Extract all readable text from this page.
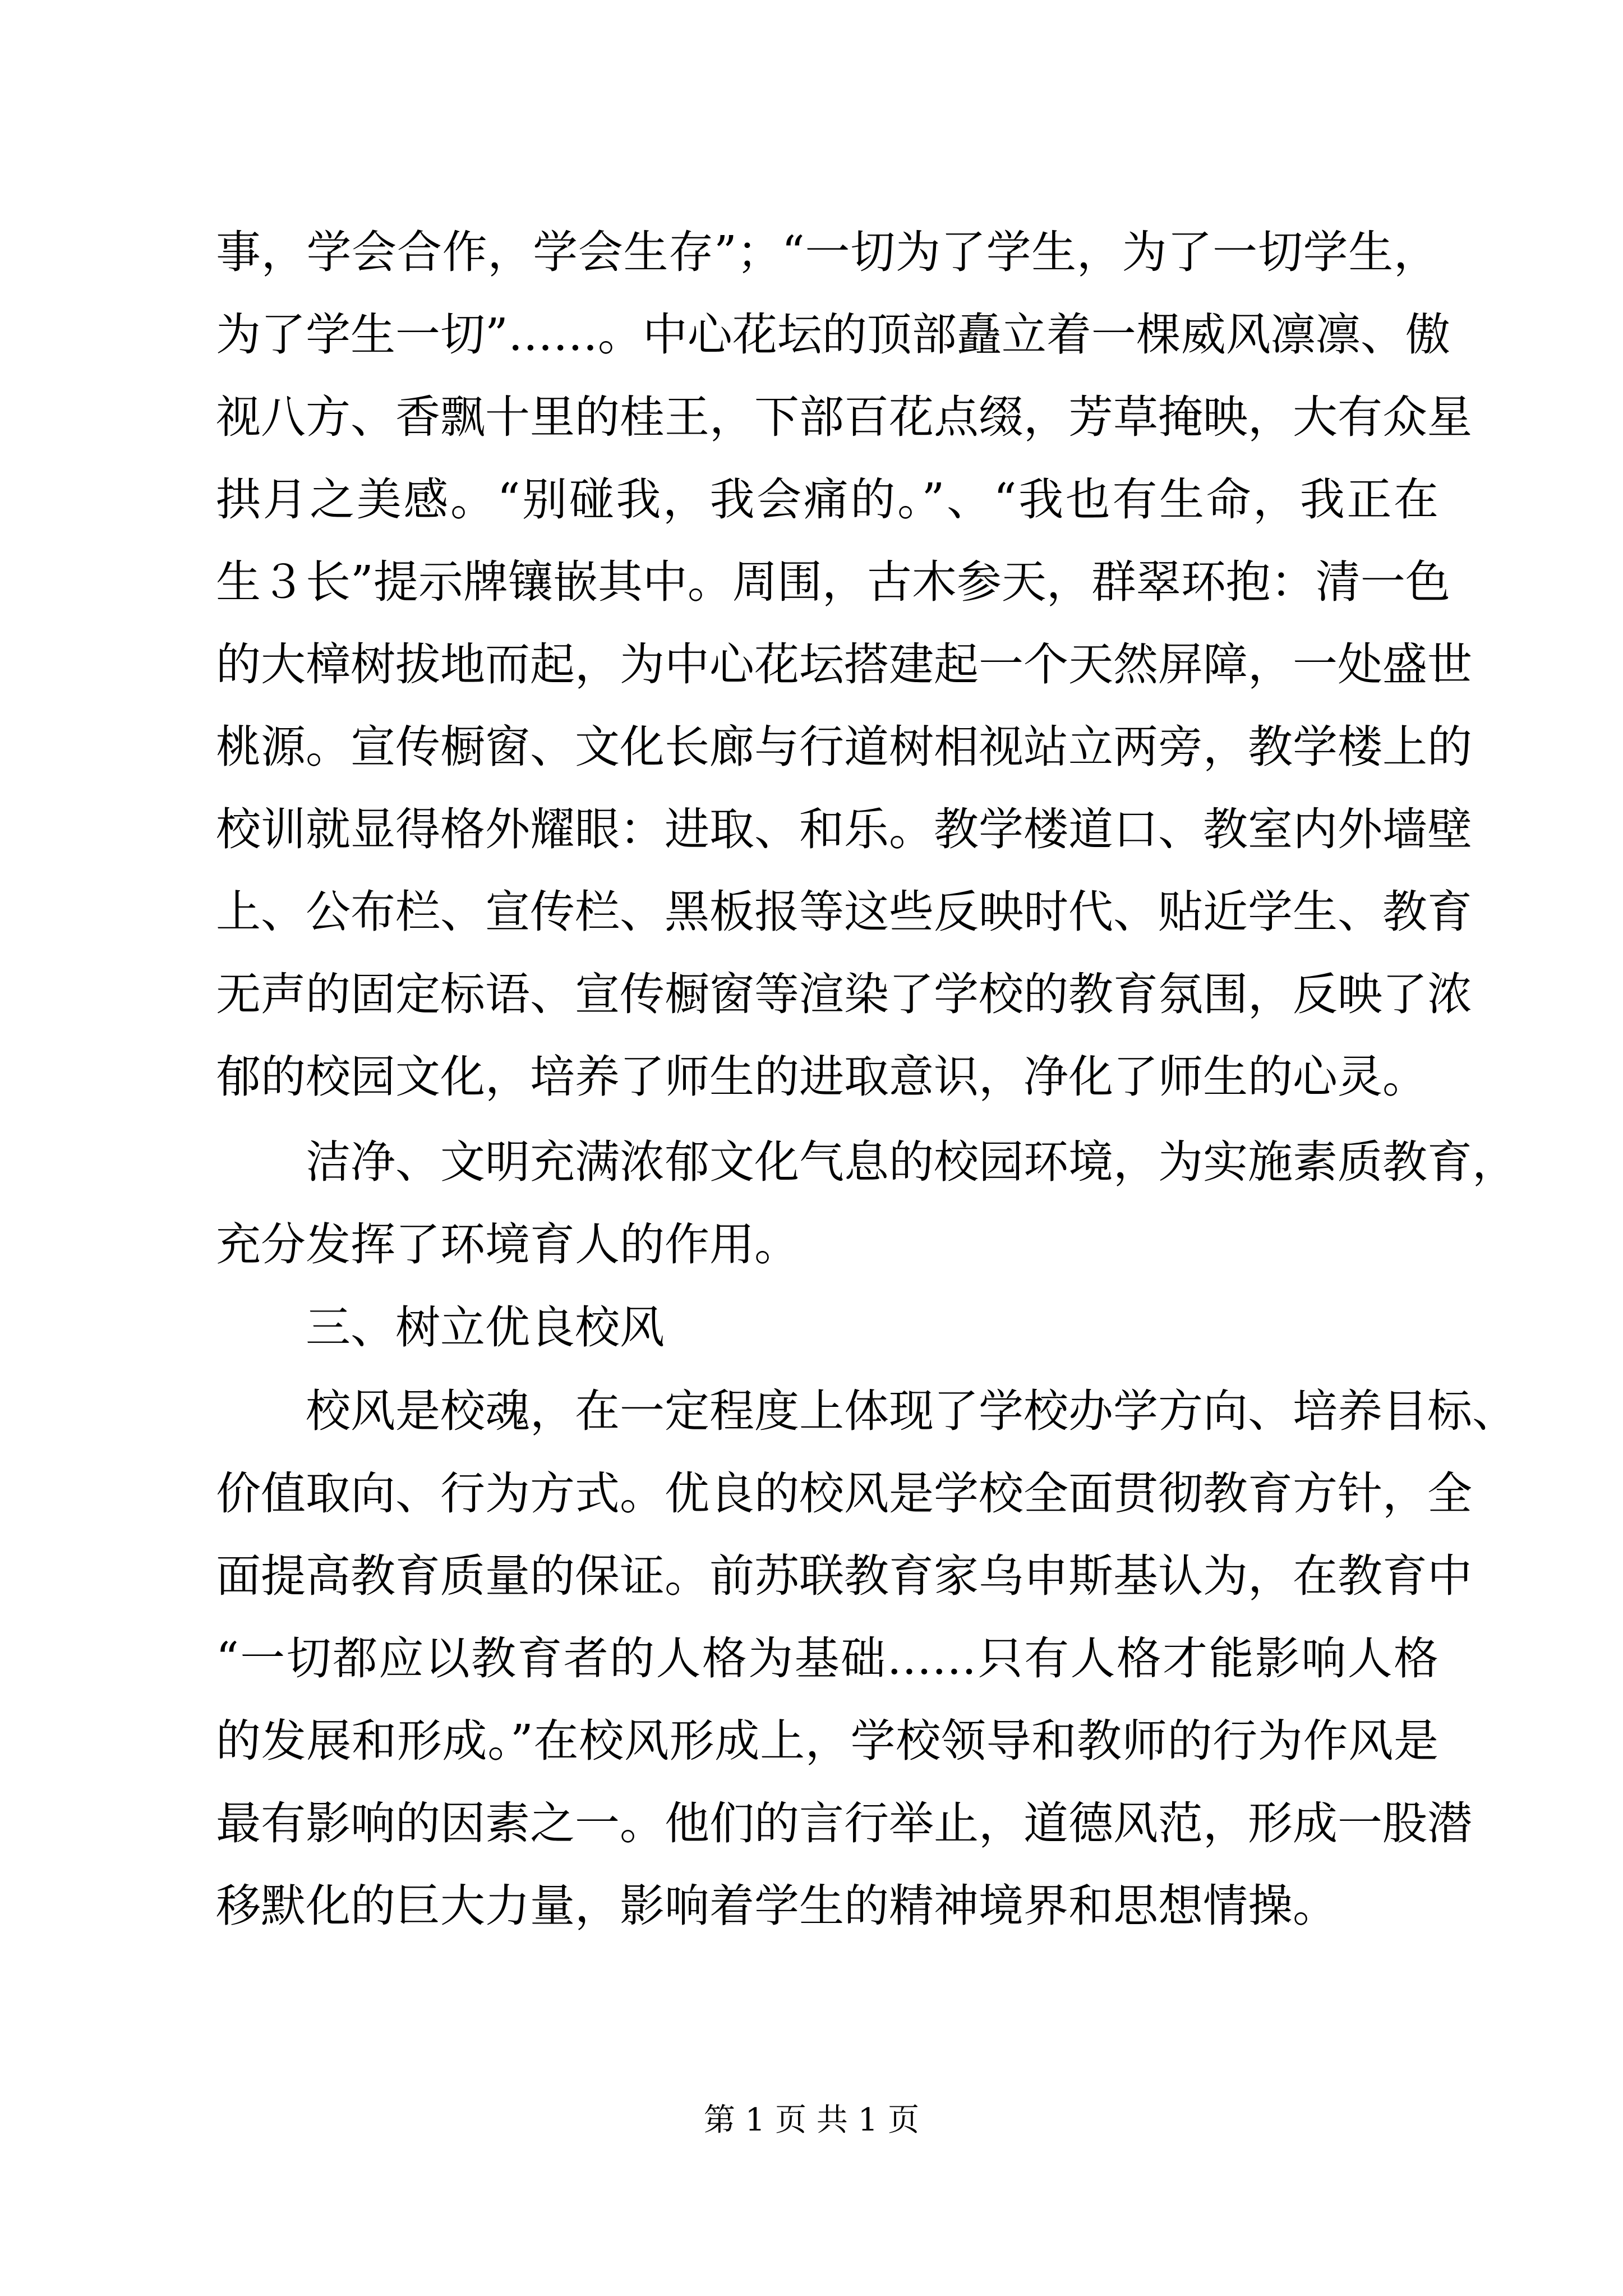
事，学会合作，学会生存”；“一切为了学生，为了一切学生，
为了学生一切”……。中心花坛的顶部矗立着一棵威风凛凛、傲
视八方、香飘十里的桂王，下部百花点缀，芳草掩映，大有众星
拱月之美感。“别碰我，我会痛的。”、“我也有生命，我正在
生３长”提示牌镶嵌其中。周围，古木参天，群翠环抱：清一色
的大樟树拔地而起，为中心花坛搭建起一个天然屏障，一处盛世
桃源。宣传橱窗、文化长廊与行道树相视站立两旁，教学楼上的
校训就显得格外耀眼：进取、和乐。教学楼道口、教室内外墙壁
上、公布栏、宣传栏、黑板报等这些反映时代、贴近学生、教育
无声的固定标语、宣传橱窗等渲染了学校的教育氛围，反映了浓
郁的校园文化，培养了师生的进取意识，净化了师生的心灵。
洁净、文明充满浓郁文化气息的校园环境，为实施素质教育，
充分发挥了环境育人的作用。
三、树立优良校风
校风是校魂，在一定程度上体现了学校办学方向、培养目标、
价值取向、行为方式。优良的校风是学校全面贯彻教育方针，全
面提高教育质量的保证。前苏联教育家乌申斯基认为，在教育中
“一切都应以教育者的人格为基础……只有人格才能影响人格
的发展和形成。”在校风形成上，学校领导和教师的行为作风是
最有影响的因素之一。他们的言行举止，道德风范，形成一股潜
移默化的巨大力量，影响着学生的精神境界和思想情操。
第 1 页 共 1 页
